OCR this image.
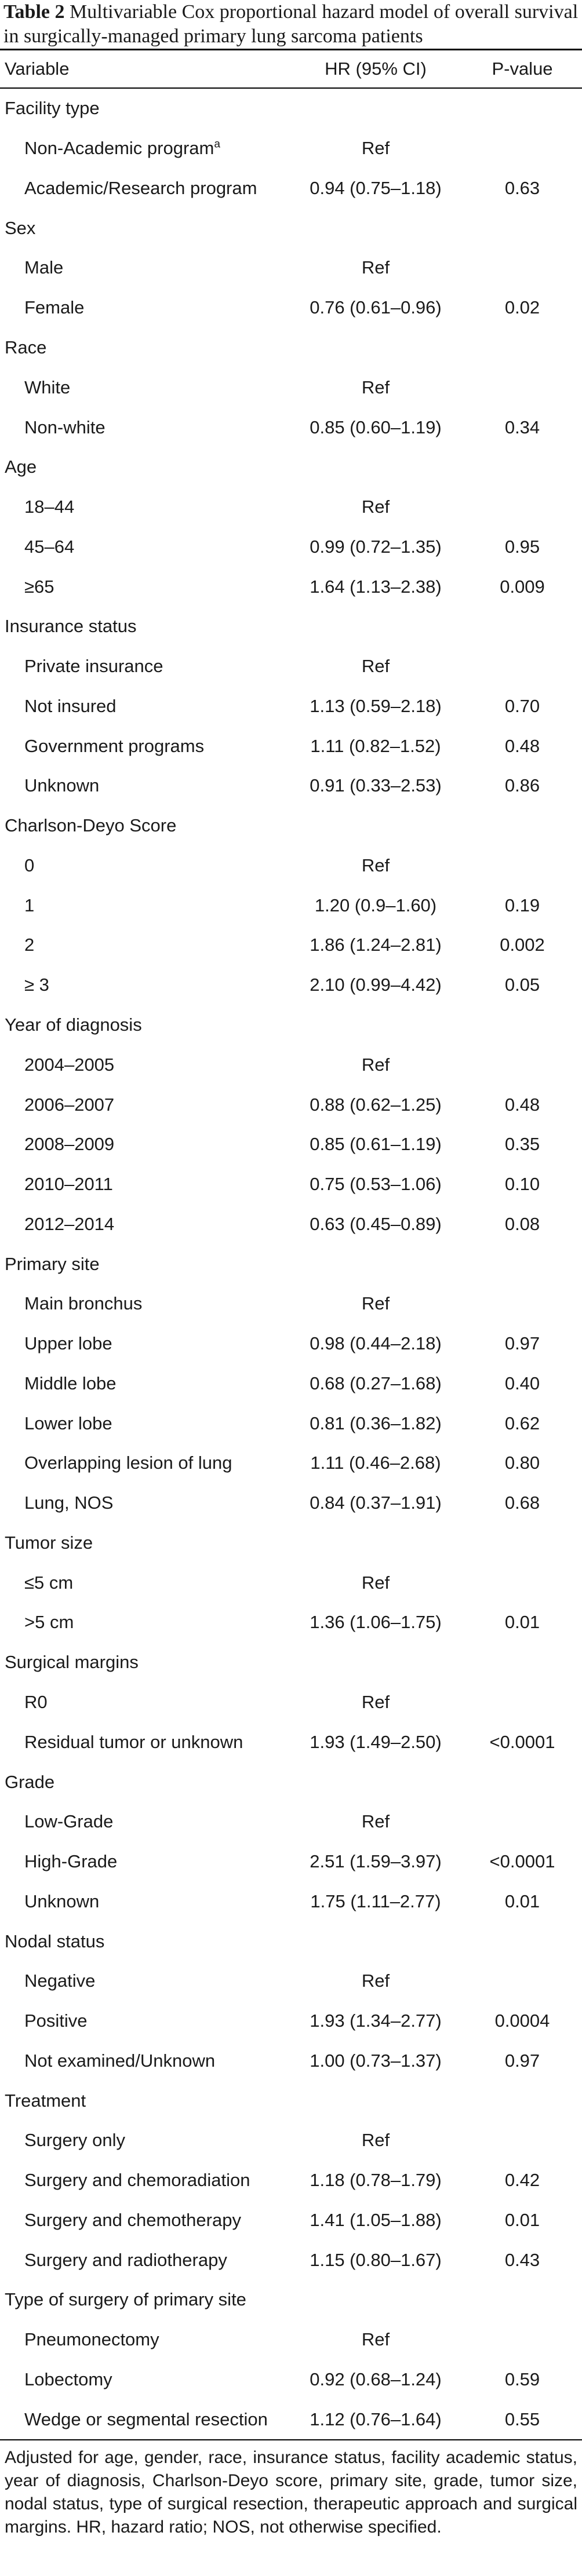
Table 2 Multivariable Cox proportional hazard model of overall survival in surgically-managed primary lung sarcoma patients

Variable	HR (95% CI)	P-value
Facility type
Non-Academic program$^a$	Ref
Academic/Research program	0.94 (0.75–1.18)	0.63
Sex
Male	Ref
Female	0.76 (0.61–0.96)	0.02
Race
White	Ref
Non-white	0.85 (0.60–1.19)	0.34
Age
18–44	Ref
45–64	0.99 (0.72–1.35)	0.95
≥65	1.64 (1.13–2.38)	0.009
Insurance status
Private insurance	Ref
Not insured	1.13 (0.59–2.18)	0.70
Government programs	1.11 (0.82–1.52)	0.48
Unknown	0.91 (0.33–2.53)	0.86
Charlson-Deyo Score
0	Ref
1	1.20 (0.9–1.60)	0.19
2	1.86 (1.24–2.81)	0.002
≥ 3	2.10 (0.99–4.42)	0.05
Year of diagnosis
2004–2005	Ref
2006–2007	0.88 (0.62–1.25)	0.48
2008–2009	0.85 (0.61–1.19)	0.35
2010–2011	0.75 (0.53–1.06)	0.10
2012–2014	0.63 (0.45–0.89)	0.08
Primary site
Main bronchus	Ref
Upper lobe	0.98 (0.44–2.18)	0.97
Middle lobe	0.68 (0.27–1.68)	0.40
Lower lobe	0.81 (0.36–1.82)	0.62
Overlapping lesion of lung	1.11 (0.46–2.68)	0.80
Lung, NOS	0.84 (0.37–1.91)	0.68
Tumor size
≤5 cm	Ref
>5 cm	1.36 (1.06–1.75)	0.01
Surgical margins
R0	Ref
Residual tumor or unknown	1.93 (1.49–2.50)	<0.0001
Grade
Low-Grade	Ref
High-Grade	2.51 (1.59–3.97)	<0.0001
Unknown	1.75 (1.11–2.77)	0.01
Nodal status
Negative	Ref
Positive	1.93 (1.34–2.77)	0.0004
Not examined/Unknown	1.00 (0.73–1.37)	0.97
Treatment
Surgery only	Ref
Surgery and chemoradiation	1.18 (0.78–1.79)	0.42
Surgery and chemotherapy	1.41 (1.05–1.88)	0.01
Surgery and radiotherapy	1.15 (0.80–1.67)	0.43
Type of surgery of primary site
Pneumonectomy	Ref
Lobectomy	0.92 (0.68–1.24)	0.59
Wedge or segmental resection	1.12 (0.76–1.64)	0.55

Adjusted for age, gender, race, insurance status, facility academic status, year of diagnosis, Charlson-Deyo score, primary site, grade, tumor size, nodal status, type of surgical resection, therapeutic approach and surgical margins. HR, hazard ratio; NOS, not otherwise specified.
